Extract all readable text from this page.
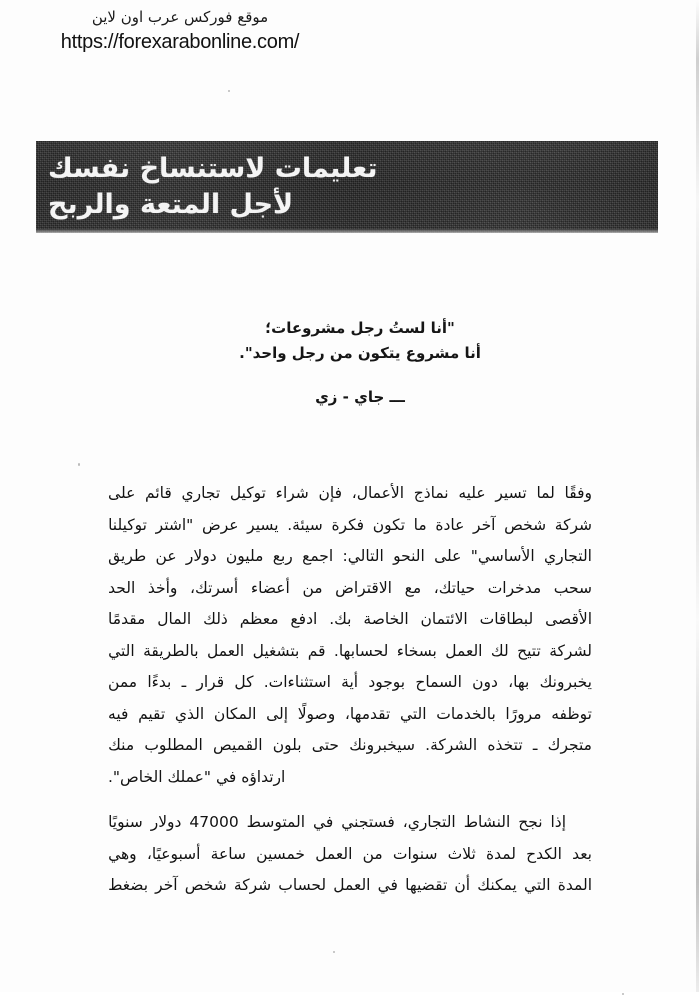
موقع فوركس عرب اون لاين
https://forexarabonline.com/
تعليمات لاستنساخ نفسك
لأجل المتعة والربح
"أنا لستُ رجل مشروعات؛
أنا مشروع يتكون من رجل واحد".
ـــ جاي - زي

وفقًا
لما
تسير
عليه
نماذج
الأعمال،
فإن
شراء
توكيل
تجاري
قائم
على
شركة
شخص
آخر
عادة
ما
تكون
فكرة
سيئة.
يسير
عرض
"اشتر
توكيلنا
التجاري
الأساسي"
على
النحو
التالي:
اجمع
ربع
مليون
دولار
عن
طريق
سحب
مدخرات
حياتك،
مع
الاقتراض
من
أعضاء
أسرتك،
وأخذ
الحد
الأقصى
لبطاقات
الائتمان
الخاصة
بك.
ادفع
معظم
ذلك
المال
مقدمًا
لشركة
تتيح
لك
العمل
بسخاء
لحسابها.
قم
بتشغيل
العمل
بالطريقة
التي
يخبرونك
بها،
دون
السماح
بوجود
أية
استثناءات.
كل
قرار
ـ
بدءًا
ممن
توظفه
مرورًا
بالخدمات
التي
تقدمها،
وصولًا
إلى
المكان
الذي
تقيم
فيه
متجرك
ـ
تتخذه
الشركة.
سيخبرونك
حتى
بلون
القميص
المطلوب
منك
ارتداؤه في "عملك الخاص".

إذا
نجح
النشاط
التجاري،
فستجني
في
المتوسط
47000
دولار
سنويًا
بعد
الكدح
لمدة
ثلاث
سنوات
من
العمل
خمسين
ساعة
أسبوعيًا،
وهي
المدة
التي
يمكنك
أن
تقضيها
في
العمل
لحساب
شركة
شخص
آخر
بضغط
